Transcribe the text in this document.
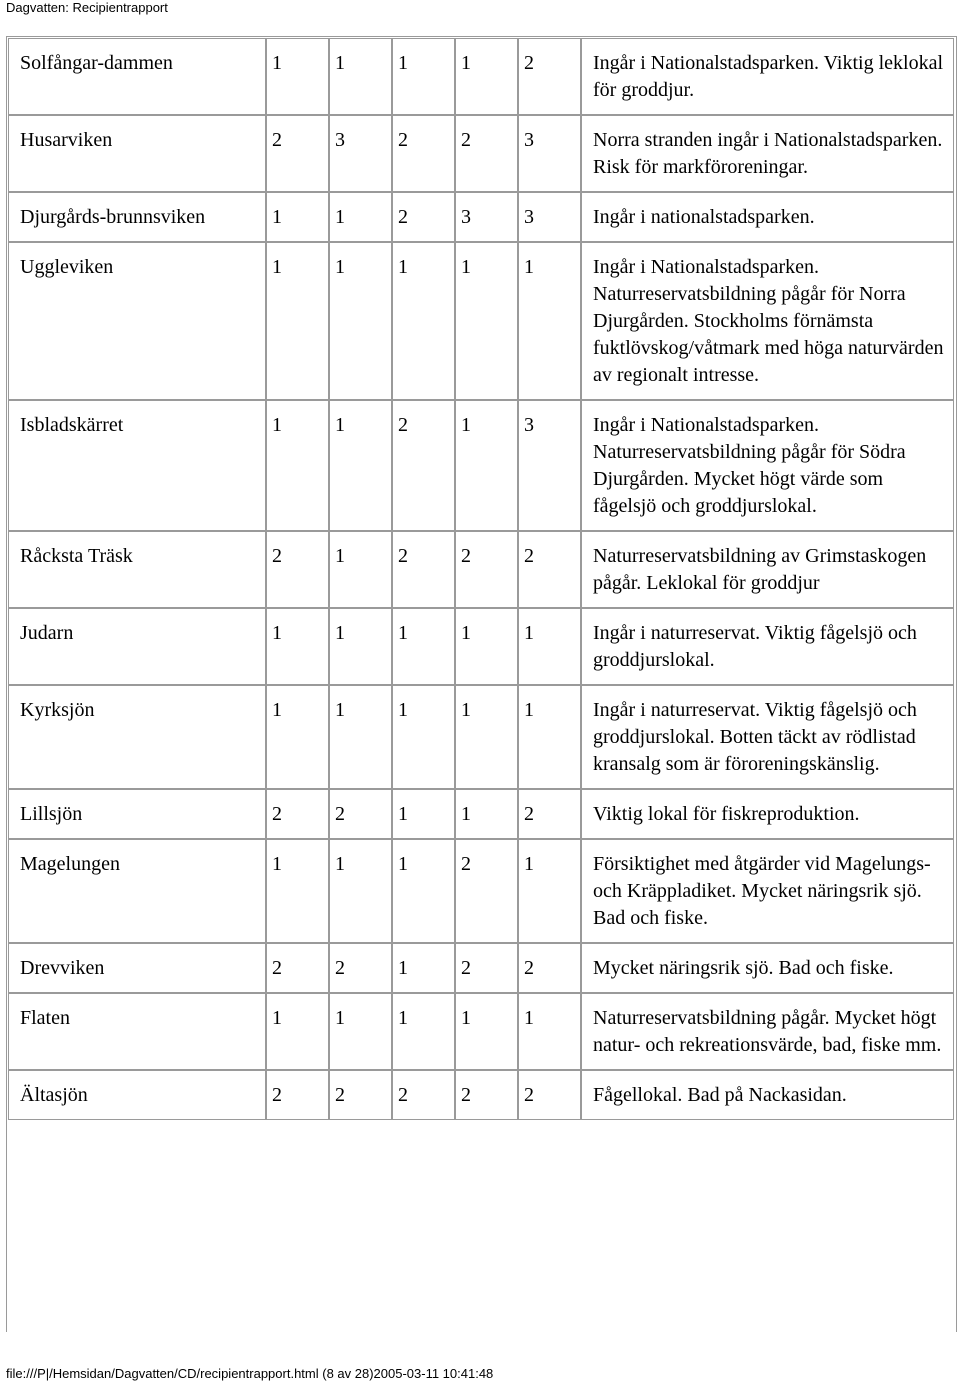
Dagvatten: Recipientrapport
Solfångar-dammen	1	1	1	1	2	Ingår i Nationalstadsparken. Viktig leklokal för groddjur.

Husarviken	2	3	2	2	3	Norra stranden ingår i Nationalstadsparken. Risk för markföroreningar.

Djurgårds-brunnsviken	1	1	2	3	3	Ingår i nationalstadsparken.

Uggleviken	1	1	1	1	1	Ingår i Nationalstadsparken. Naturreservatsbildning pågår för Norra Djurgården. Stockholms förnämsta fuktlövskog/våtmark med höga naturvärden av regionalt intresse.

Isbladskärret	1	1	2	1	3	Ingår i Nationalstadsparken. Naturreservatsbildning pågår för Södra Djurgården. Mycket högt värde som fågelsjö och groddjurslokal.

Råcksta Träsk	2	1	2	2	2	Naturreservatsbildning av Grimstaskogen pågår. Leklokal för groddjur

Judarn	1	1	1	1	1	Ingår i naturreservat. Viktig fågelsjö och groddjurslokal.

Kyrksjön	1	1	1	1	1	Ingår i naturreservat. Viktig fågelsjö och groddjurslokal. Botten täckt av rödlistad kransalg som är föroreningskänslig.

Lillsjön	2	2	1	1	2	Viktig lokal för fiskreproduktion.

Magelungen	1	1	1	2	1	Försiktighet med åtgärder vid Magelungs- och Kräppladiket. Mycket näringsrik sjö. Bad och fiske.

Drevviken	2	2	1	2	2	Mycket näringsrik sjö. Bad och fiske.

Flaten	1	1	1	1	1	Naturreservatsbildning pågår. Mycket högt natur- och rekreationsvärde, bad, fiske mm.

Ältasjön	2	2	2	2	2	Fågellokal. Bad på Nackasidan.
file:///P|/Hemsidan/Dagvatten/CD/recipientrapport.html (8 av 28)2005-03-11 10:41:48
